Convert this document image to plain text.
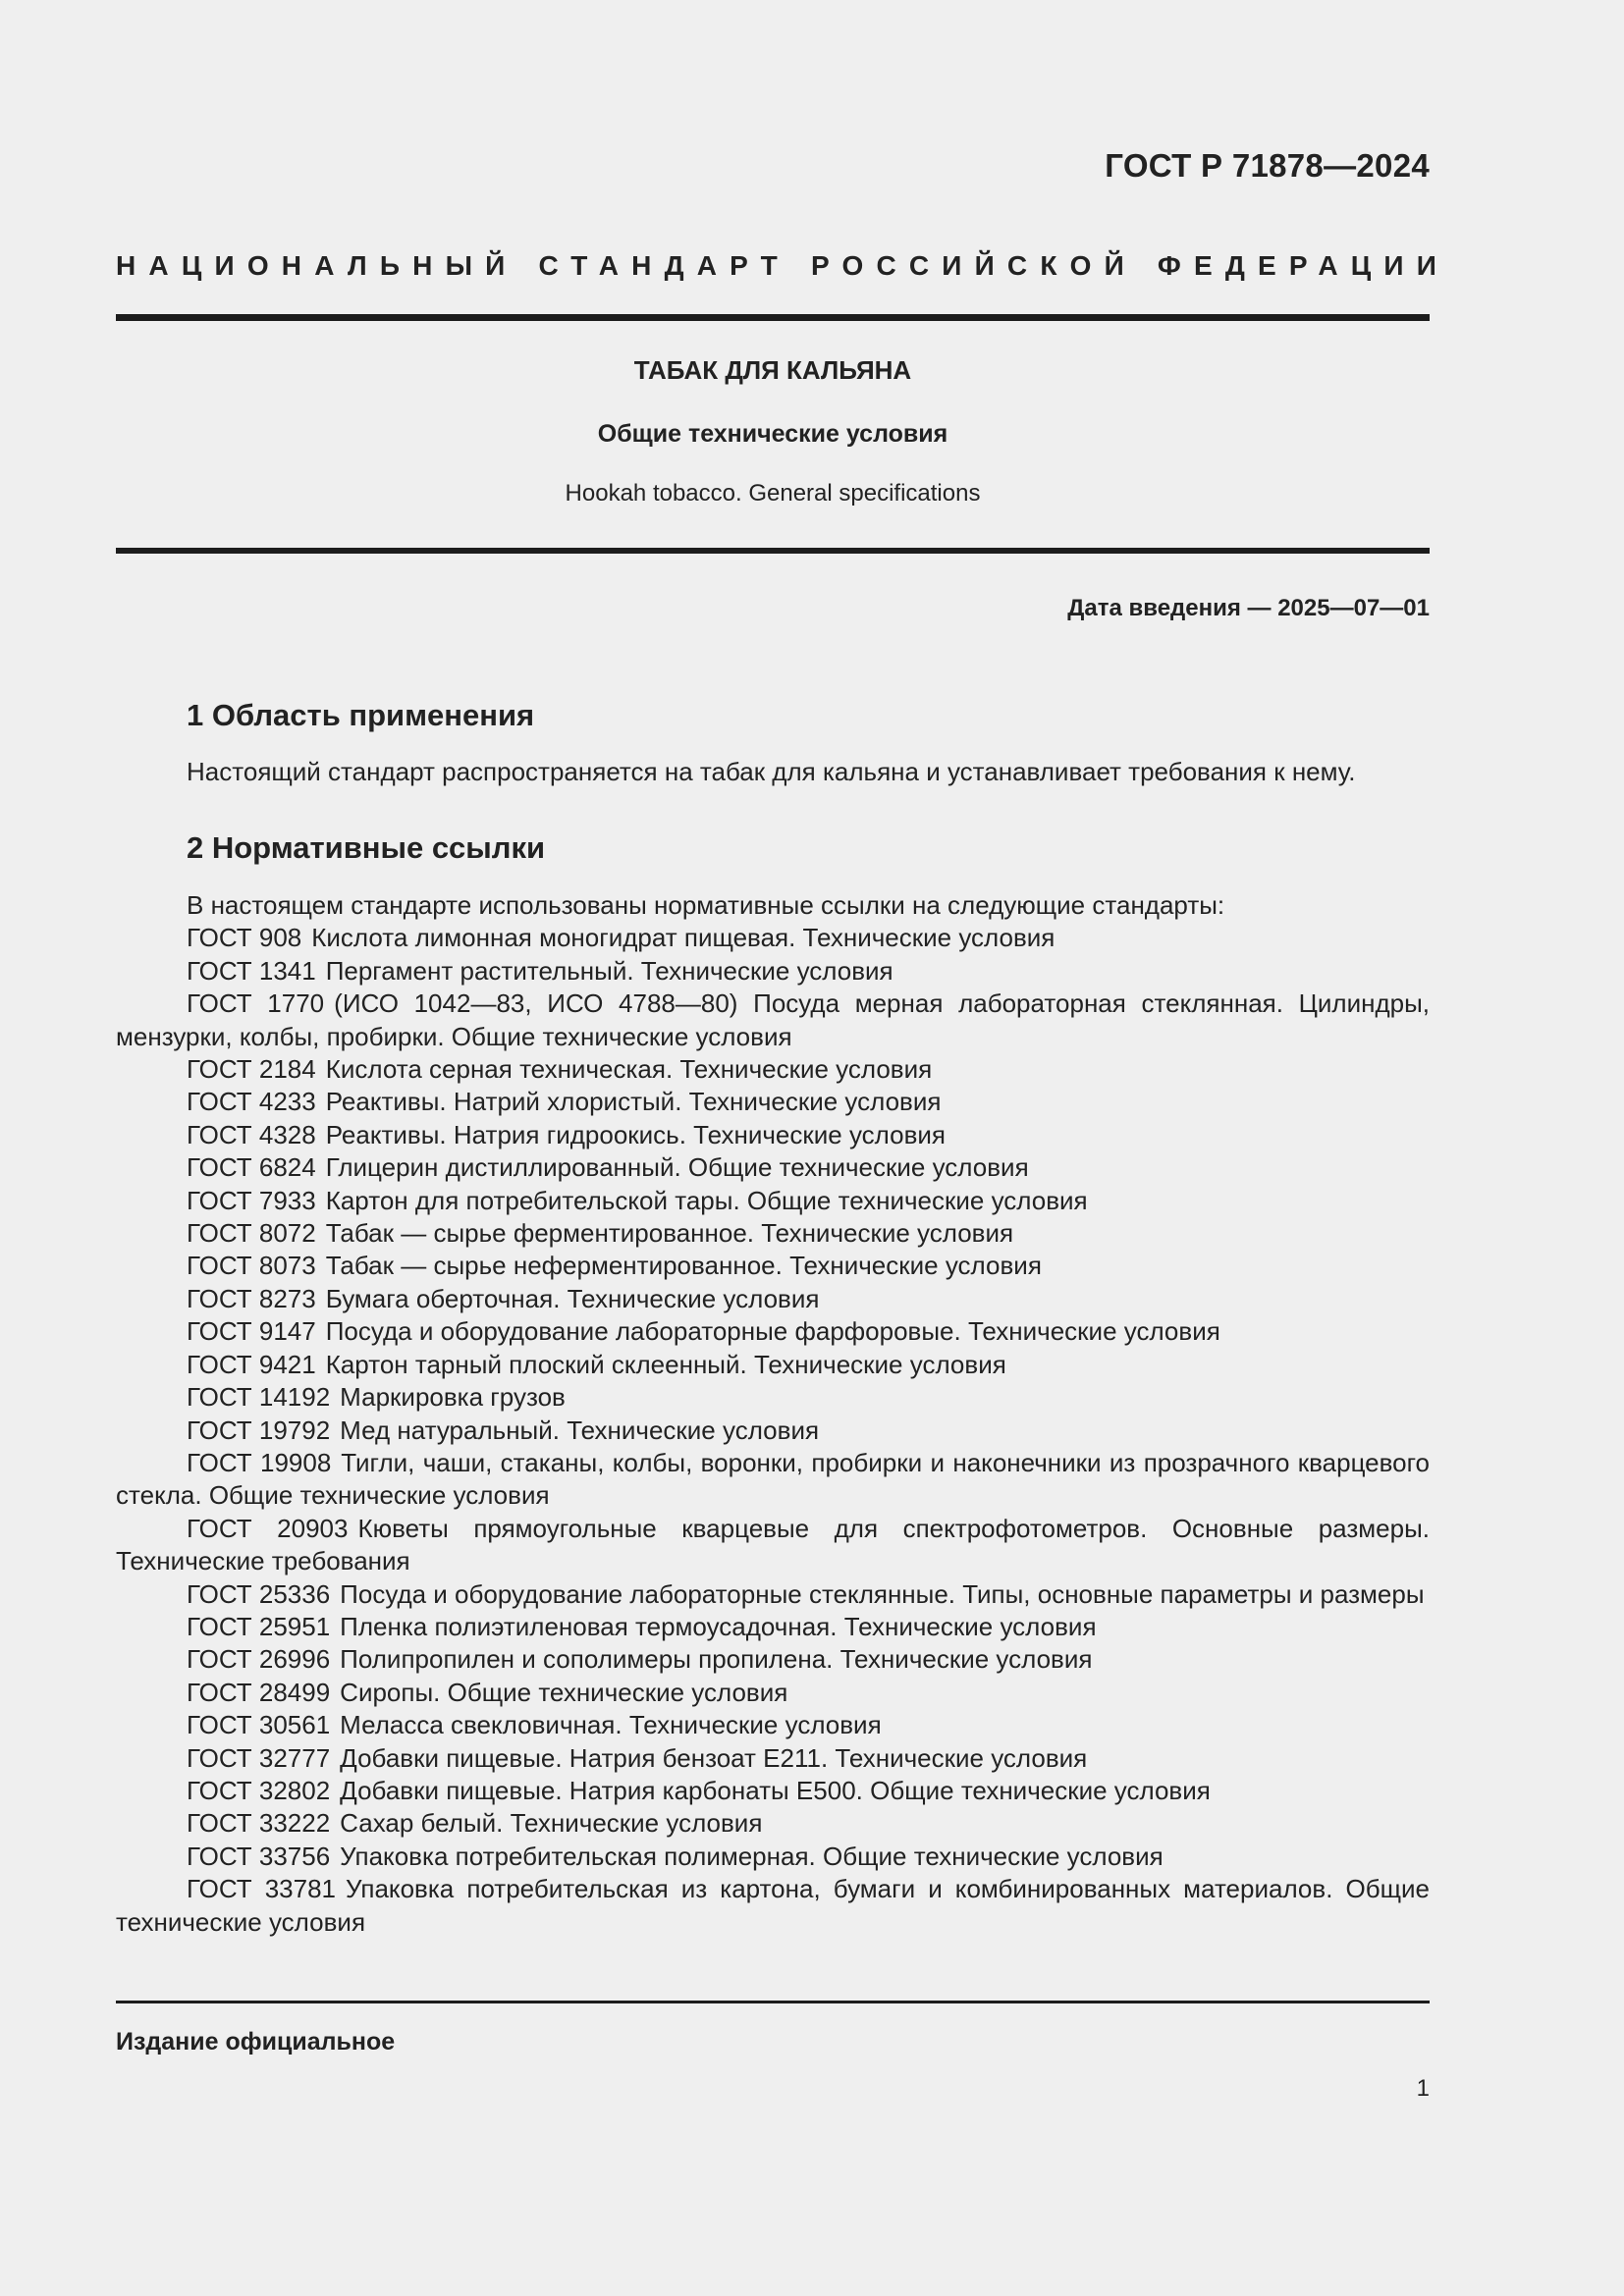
ГОСТ Р 71878—2024
НАЦИОНАЛЬНЫЙ СТАНДАРТ РОССИЙСКОЙ ФЕДЕРАЦИИ
ТАБАК ДЛЯ КАЛЬЯНА
Общие технические условия
Hookah tobacco. General specifications
Дата введения — 2025—07—01
1 Область применения
Настоящий стандарт распространяется на табак для кальяна и устанавливает требования к нему.
2 Нормативные ссылки

В настоящем стандарте использованы нормативные ссылки на следующие стандарты:

ГОСТ 908 Кислота лимонная моногидрат пищевая. Технические условия

ГОСТ 1341 Пергамент растительный. Технические условия

ГОСТ 1770 (ИСО 1042—83, ИСО 4788—80) Посуда мерная лабораторная стеклянная. Цилиндры, мензурки, колбы, пробирки. Общие технические условия

ГОСТ 2184 Кислота серная техническая. Технические условия

ГОСТ 4233 Реактивы. Натрий хлористый. Технические условия

ГОСТ 4328 Реактивы. Натрия гидроокись. Технические условия

ГОСТ 6824 Глицерин дистиллированный. Общие технические условия

ГОСТ 7933 Картон для потребительской тары. Общие технические условия

ГОСТ 8072 Табак — сырье ферментированное. Технические условия

ГОСТ 8073 Табак — сырье неферментированное. Технические условия

ГОСТ 8273 Бумага оберточная. Технические условия

ГОСТ 9147 Посуда и оборудование лабораторные фарфоровые. Технические условия

ГОСТ 9421 Картон тарный плоский склеенный. Технические условия

ГОСТ 14192 Маркировка грузов

ГОСТ 19792 Мед натуральный. Технические условия

ГОСТ 19908 Тигли, чаши, стаканы, колбы, воронки, пробирки и наконечники из прозрачного кварцевого стекла. Общие технические условия

ГОСТ 20903 Кюветы прямоугольные кварцевые для спектрофотометров. Основные размеры. Технические требования

ГОСТ 25336 Посуда и оборудование лабораторные стеклянные. Типы, основные параметры и размеры

ГОСТ 25951 Пленка полиэтиленовая термоусадочная. Технические условия

ГОСТ 26996 Полипропилен и сополимеры пропилена. Технические условия

ГОСТ 28499 Сиропы. Общие технические условия

ГОСТ 30561 Меласса свекловичная. Технические условия

ГОСТ 32777 Добавки пищевые. Натрия бензоат Е211. Технические условия

ГОСТ 32802 Добавки пищевые. Натрия карбонаты Е500. Общие технические условия

ГОСТ 33222 Сахар белый. Технические условия

ГОСТ 33756 Упаковка потребительская полимерная. Общие технические условия

ГОСТ 33781 Упаковка потребительская из картона, бумаги и комбинированных материалов. Общие технические условия

Издание официальное
1
